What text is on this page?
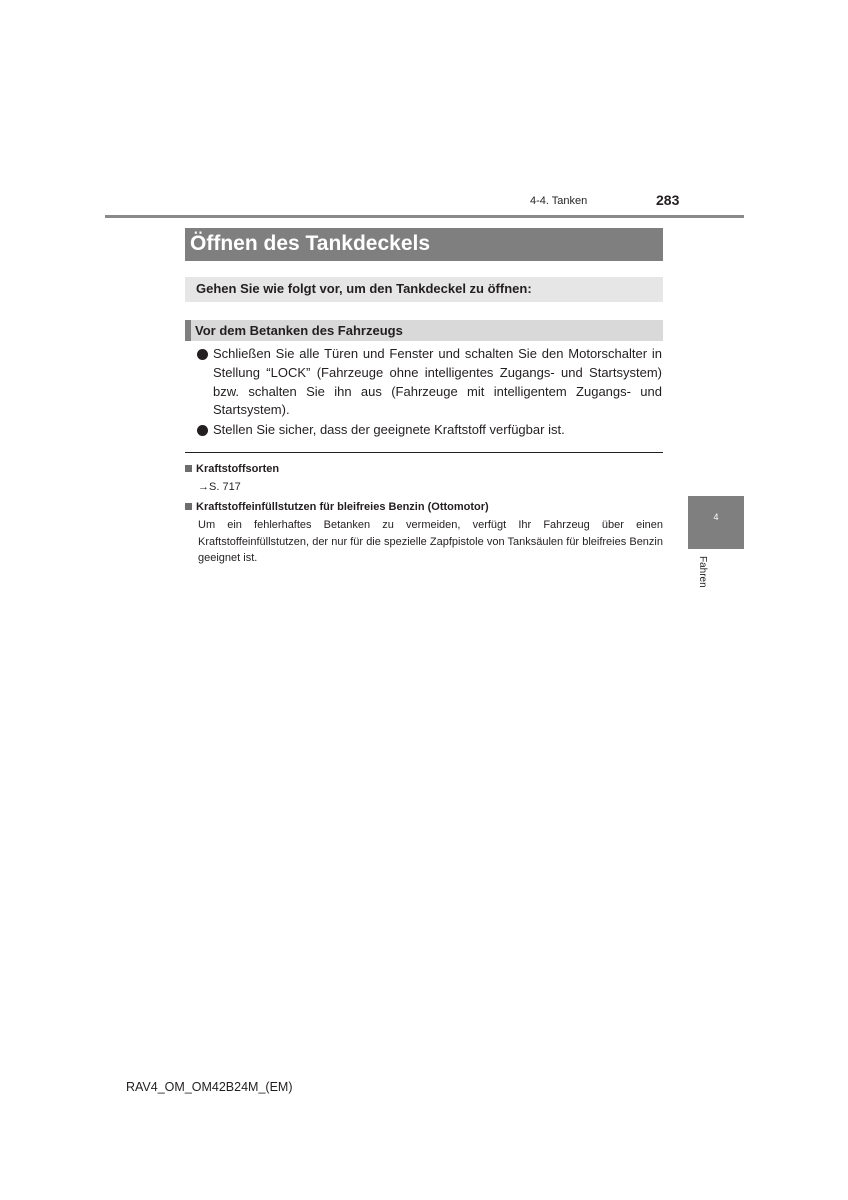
4-4. Tanken	283
Öffnen des Tankdeckels
Gehen Sie wie folgt vor, um den Tankdeckel zu öffnen:
Vor dem Betanken des Fahrzeugs
Schließen Sie alle Türen und Fenster und schalten Sie den Motorschalter in Stellung “LOCK” (Fahrzeuge ohne intelligentes Zugangs- und Startsystem) bzw. schalten Sie ihn aus (Fahrzeuge mit intelligentem Zugangs- und Startsystem).
Stellen Sie sicher, dass der geeignete Kraftstoff verfügbar ist.
Kraftstoffsorten
→S. 717
Kraftstoffeinfüllstutzen für bleifreies Benzin (Ottomotor)
Um ein fehlerhaftes Betanken zu vermeiden, verfügt Ihr Fahrzeug über einen Kraftstoffeinfüllstutzen, der nur für die spezielle Zapfpistole von Tanksäulen für bleifreies Benzin geeignet ist.
4
Fahren
RAV4_OM_OM42B24M_(EM)
